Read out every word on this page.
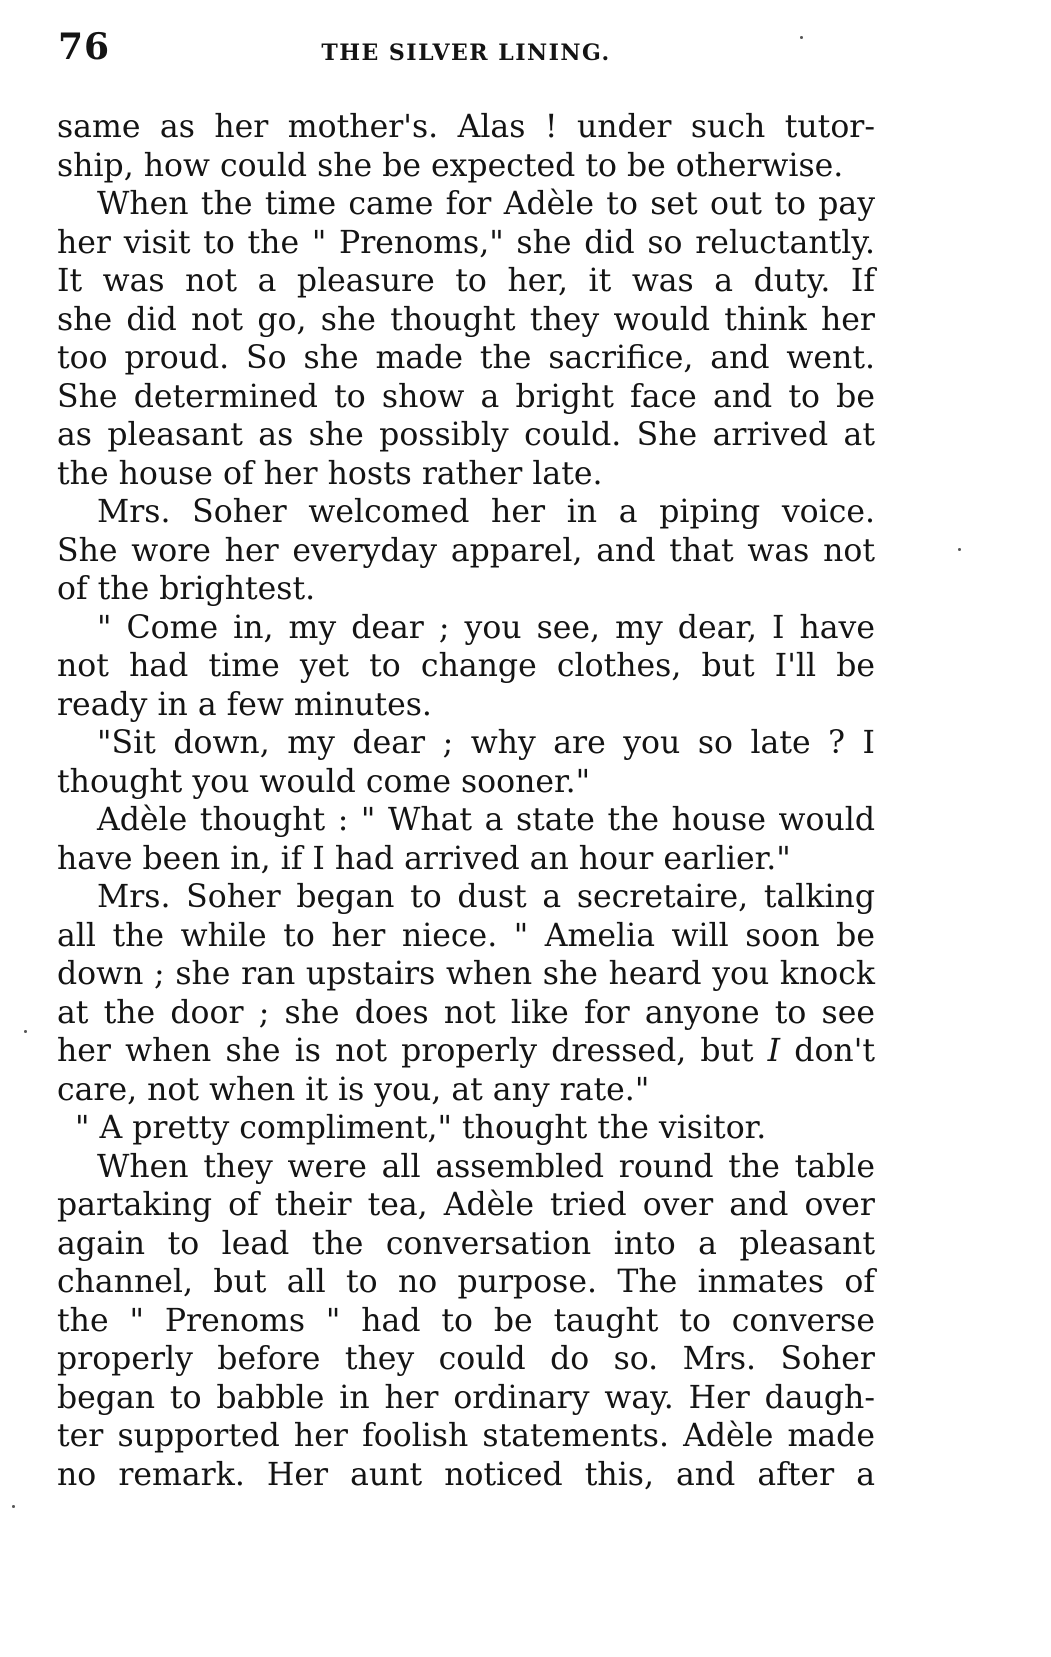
76	THE SILVER LINING.
same as her mother's. Alas ! under such tutor-
ship, how could she be expected to be otherwise.
When the time came for Adèle to set out to pay
her visit to the " Prenoms," she did so reluctantly.
It was not a pleasure to her, it was a duty. If
she did not go, she thought they would think her
too proud. So she made the sacrifice, and went.
She determined to show a bright face and to be
as pleasant as she possibly could. She arrived at
the house of her hosts rather late.
Mrs. Soher welcomed her in a piping voice.
She wore her everyday apparel, and that was not
of the brightest.
" Come in, my dear ; you see, my dear, I have
not had time yet to change clothes, but I'll be
ready in a few minutes.
"Sit down, my dear ; why are you so late ? I
thought you would come sooner."
Adèle thought : " What a state the house would
have been in, if I had arrived an hour earlier."
Mrs. Soher began to dust a secretaire, talking
all the while to her niece. " Amelia will soon be
down ; she ran upstairs when she heard you knock
at the door ; she does not like for anyone to see
her when she is not properly dressed, but I don't
care, not when it is you, at any rate."
" A pretty compliment," thought the visitor.
When they were all assembled round the table
partaking of their tea, Adèle tried over and over
again to lead the conversation into a pleasant
channel, but all to no purpose. The inmates of
the " Prenoms " had to be taught to converse
properly before they could do so. Mrs. Soher
began to babble in her ordinary way. Her daugh-
ter supported her foolish statements. Adèle made
no remark. Her aunt noticed this, and after a
